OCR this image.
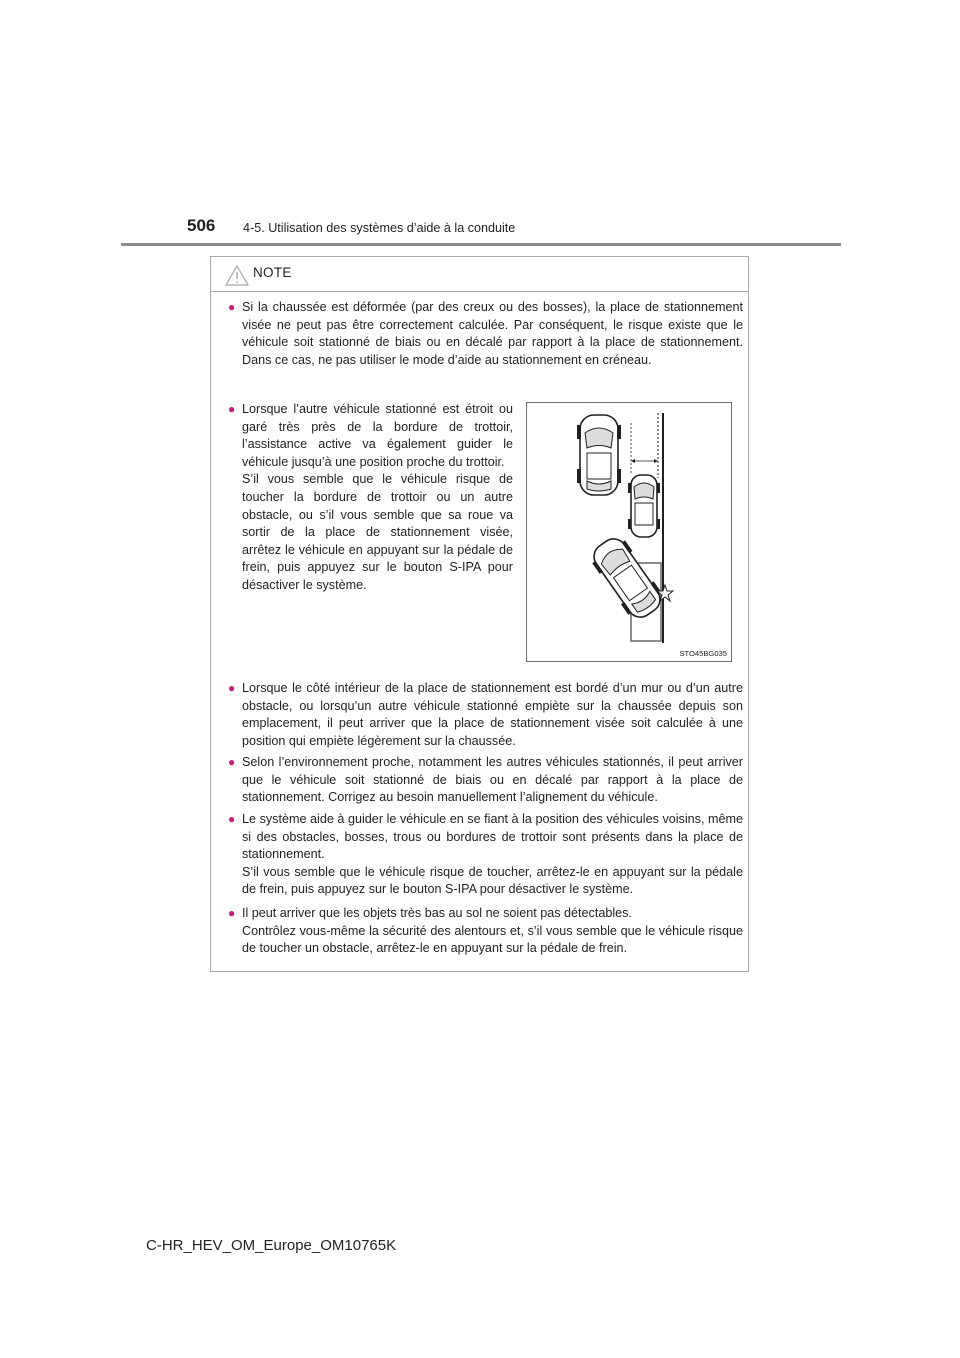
506 4-5. Utilisation des systèmes d’aide à la conduite
NOTE
● Si la chaussée est déformée (par des creux ou des bosses), la place de stationnement visée ne peut pas être correctement calculée. Par conséquent, le risque existe que le véhicule soit stationné de biais ou en décalé par rapport à la place de stationnement. Dans ce cas, ne pas utiliser le mode d’aide au stationnement en créneau.
● Lorsque l’autre véhicule stationné est étroit ou garé très près de la bordure de trottoir, l’assistance active va également guider le véhicule jusqu’à une position proche du trottoir.
S’il vous semble que le véhicule risque de toucher la bordure de trottoir ou un autre obstacle, ou s’il vous semble que sa roue va sortir de la place de stationnement visée, arrêtez le véhicule en appuyant sur la pédale de frein, puis appuyez sur le bouton S-IPA pour désactiver le système.
STO45BG035
● Lorsque le côté intérieur de la place de stationnement est bordé d’un mur ou d’un autre obstacle, ou lorsqu’un autre véhicule stationné empiète sur la chaussée depuis son emplacement, il peut arriver que la place de stationnement visée soit calculée à une position qui empiète légèrement sur la chaussée.
● Selon l’environnement proche, notamment les autres véhicules stationnés, il peut arriver que le véhicule soit stationné de biais ou en décalé par rapport à la place de stationnement. Corrigez au besoin manuellement l’alignement du véhicule.
● Le système aide à guider le véhicule en se fiant à la position des véhicules voisins, même si des obstacles, bosses, trous ou bordures de trottoir sont présents dans la place de stationnement.
S’il vous semble que le véhicule risque de toucher, arrêtez-le en appuyant sur la pédale de frein, puis appuyez sur le bouton S-IPA pour désactiver le système.
● Il peut arriver que les objets très bas au sol ne soient pas détectables.
Contrôlez vous-même la sécurité des alentours et, s’il vous semble que le véhicule risque de toucher un obstacle, arrêtez-le en appuyant sur la pédale de frein.
C-HR_HEV_OM_Europe_OM10765K
